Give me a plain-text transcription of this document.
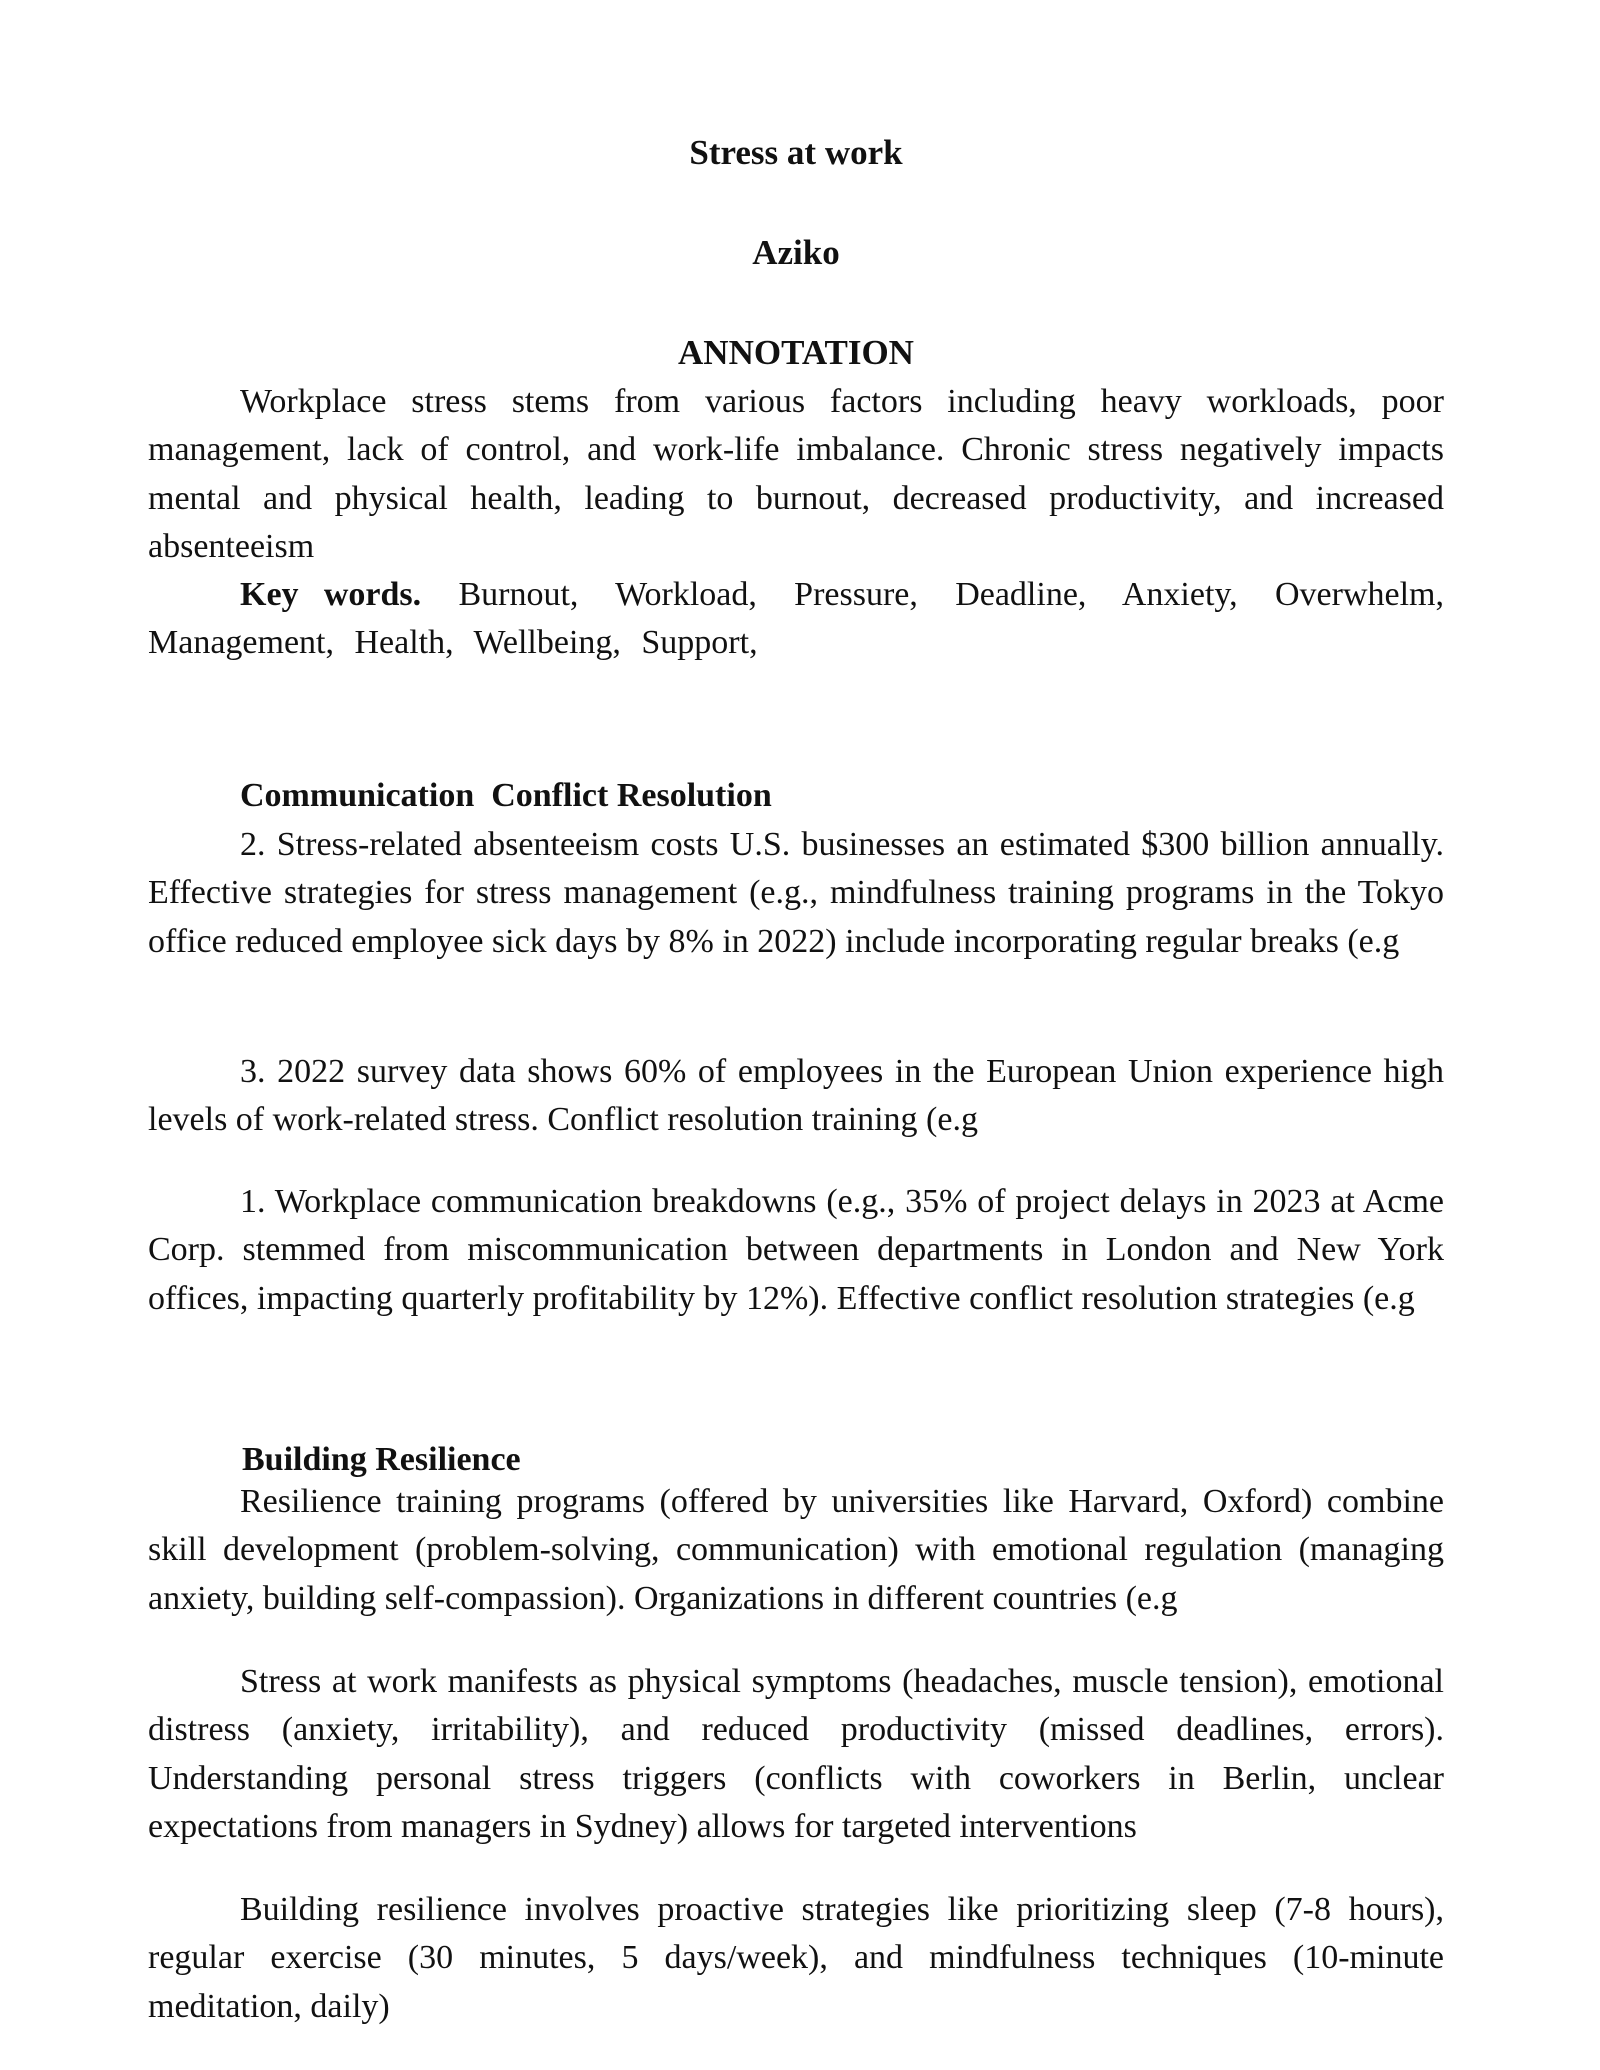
Stress at work
Aziko
ANNOTATION

Workplace stress stems from various factors including heavy workloads, poor management, lack of control, and work-life imbalance. Chronic stress negatively impacts mental and physical health, leading to burnout, decreased productivity, and increased absenteeism

Key words. Burnout, Workload, Pressure, Deadline, Anxiety, Overwhelm, Management, Health, Wellbeing, Support,

Communication  Conflict Resolution

2. Stress-related absenteeism costs U.S. businesses an estimated $300 billion annually. Effective strategies for stress management (e.g., mindfulness training programs in the Tokyo office reduced employee sick days by 8% in 2022) include incorporating regular breaks (e.g

3. 2022 survey data shows 60% of employees in the European Union experience high levels of work-related stress. Conflict resolution training (e.g

1. Workplace communication breakdowns (e.g., 35% of project delays in 2023 at Acme Corp. stemmed from miscommunication between departments in London and New York offices, impacting quarterly profitability by 12%). Effective conflict resolution strategies (e.g

Building Resilience

Resilience training programs (offered by universities like Harvard, Oxford) combine skill development (problem-solving, communication) with emotional regulation (managing anxiety, building self-compassion). Organizations in different countries (e.g

Stress at work manifests as physical symptoms (headaches, muscle tension), emotional distress (anxiety, irritability), and reduced productivity (missed deadlines, errors). Understanding personal stress triggers (conflicts with coworkers in Berlin, unclear expectations from managers in Sydney) allows for targeted interventions

Building resilience involves proactive strategies like prioritizing sleep (7-8 hours), regular exercise (30 minutes, 5 days/week), and mindfulness techniques (10-minute meditation, daily)
